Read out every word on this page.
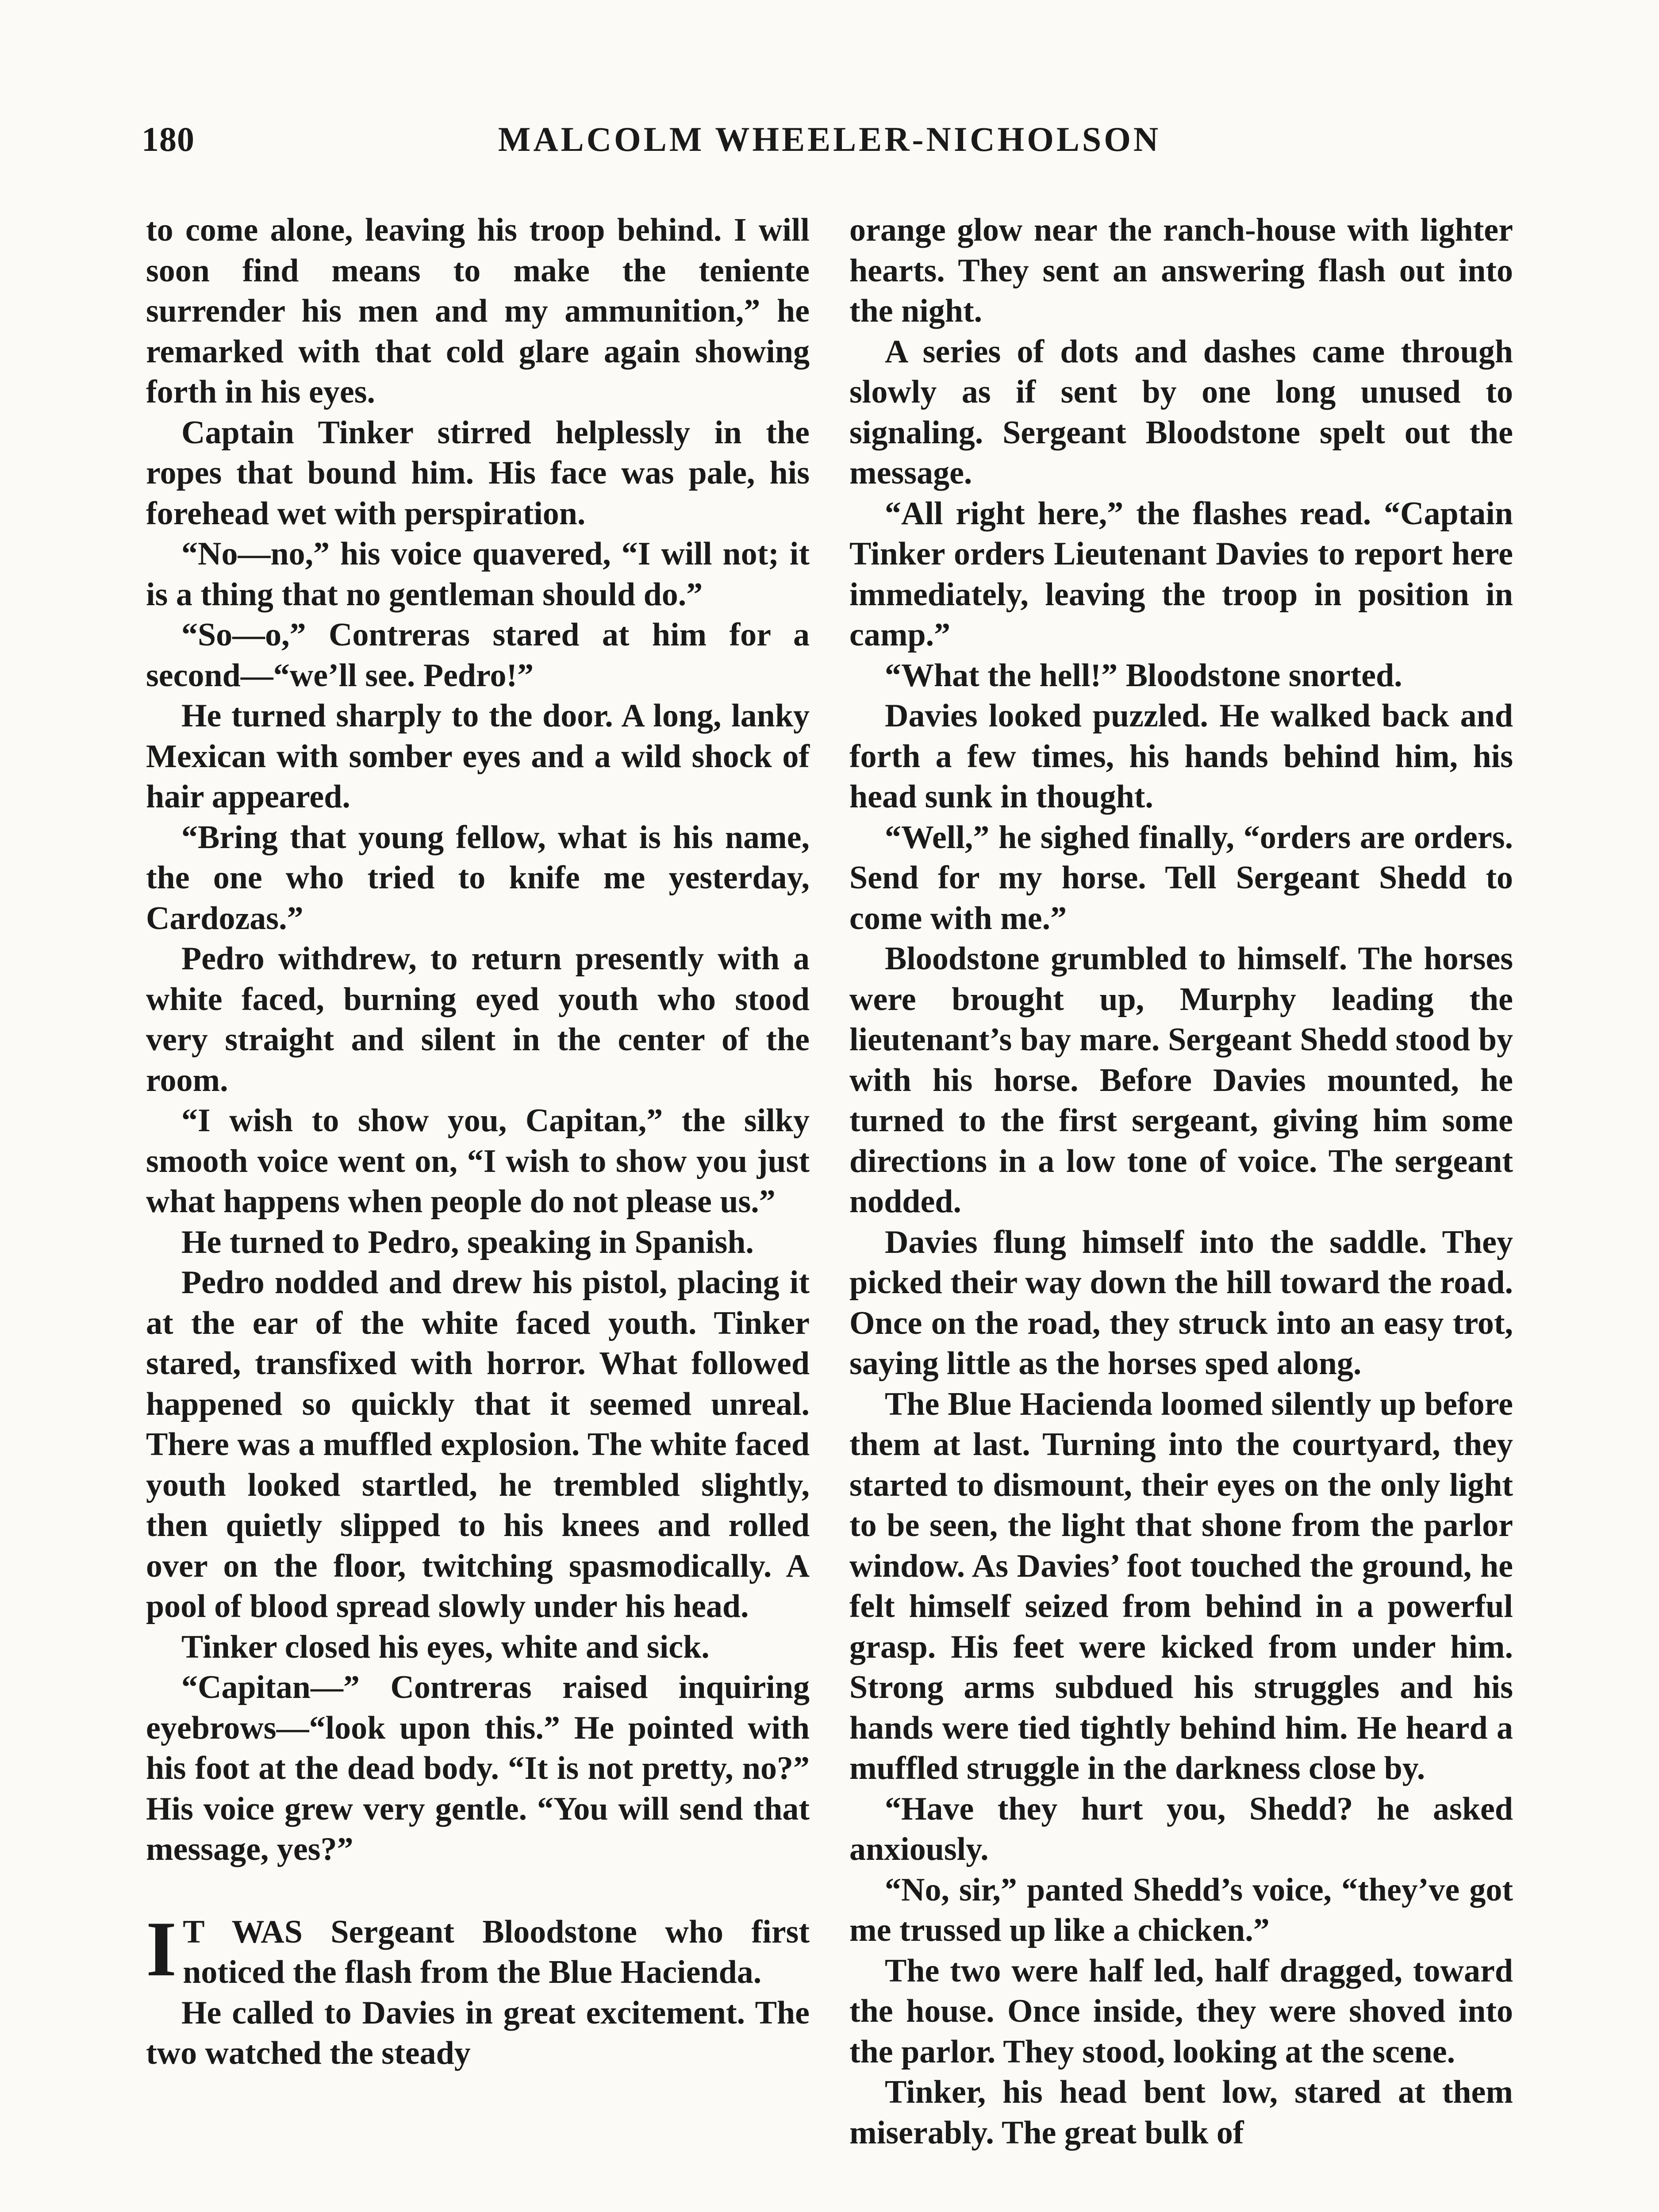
180	MALCOLM WHEELER-NICHOLSON

to come alone, leaving his troop behind. I will soon find means to make the teniente surrender his men and my ammunition,” he remarked with that cold glare again showing forth in his eyes.

Captain Tinker stirred helplessly in the ropes that bound him. His face was pale, his forehead wet with perspiration.

“No—no,” his voice quavered, “I will not; it is a thing that no gentleman should do.”

“So—o,” Contreras stared at him for a second—“we’ll see. Pedro!”

He turned sharply to the door. A long, lanky Mexican with somber eyes and a wild shock of hair appeared.

“Bring that young fellow, what is his name, the one who tried to knife me yesterday, Cardozas.”

Pedro withdrew, to return presently with a white faced, burning eyed youth who stood very straight and silent in the center of the room.

“I wish to show you, Capitan,” the silky smooth voice went on, “I wish to show you just what happens when people do not please us.”

He turned to Pedro, speaking in Spanish.

Pedro nodded and drew his pistol, placing it at the ear of the white faced youth. Tinker stared, transfixed with horror. What followed happened so quickly that it seemed unreal. There was a muffled explosion. The white faced youth looked startled, he trembled slightly, then quietly slipped to his knees and rolled over on the floor, twitching spasmodically. A pool of blood spread slowly under his head.

Tinker closed his eyes, white and sick.

“Capitan—” Contreras raised inquiring eyebrows—“look upon this.” He pointed with his foot at the dead body. “It is not pretty, no?” His voice grew very gentle. “You will send that message, yes?”

I T WAS Sergeant Bloodstone who first noticed the flash from the Blue Hacienda.

He called to Davies in great excitement. The two watched the steady

orange glow near the ranch-house with lighter hearts. They sent an answering flash out into the night.

A series of dots and dashes came through slowly as if sent by one long unused to signaling. Sergeant Bloodstone spelt out the message.

“All right here,” the flashes read. “Captain Tinker orders Lieutenant Davies to report here immediately, leaving the troop in position in camp.”

“What the hell!” Bloodstone snorted.

Davies looked puzzled. He walked back and forth a few times, his hands behind him, his head sunk in thought.

“Well,” he sighed finally, “orders are orders. Send for my horse. Tell Sergeant Shedd to come with me.”

Bloodstone grumbled to himself. The horses were brought up, Murphy leading the lieutenant’s bay mare. Sergeant Shedd stood by with his horse. Before Davies mounted, he turned to the first sergeant, giving him some directions in a low tone of voice. The sergeant nodded.

Davies flung himself into the saddle. They picked their way down the hill toward the road. Once on the road, they struck into an easy trot, saying little as the horses sped along.

The Blue Hacienda loomed silently up before them at last. Turning into the courtyard, they started to dismount, their eyes on the only light to be seen, the light that shone from the parlor window. As Davies’ foot touched the ground, he felt himself seized from behind in a powerful grasp. His feet were kicked from under him. Strong arms subdued his struggles and his hands were tied tightly behind him. He heard a muffled struggle in the darkness close by.

“Have they hurt you, Shedd? he asked anxiously.

“No, sir,” panted Shedd’s voice, “they’ve got me trussed up like a chicken.”

The two were half led, half dragged, toward the house. Once inside, they were shoved into the parlor. They stood, looking at the scene.

Tinker, his head bent low, stared at them miserably. The great bulk of
